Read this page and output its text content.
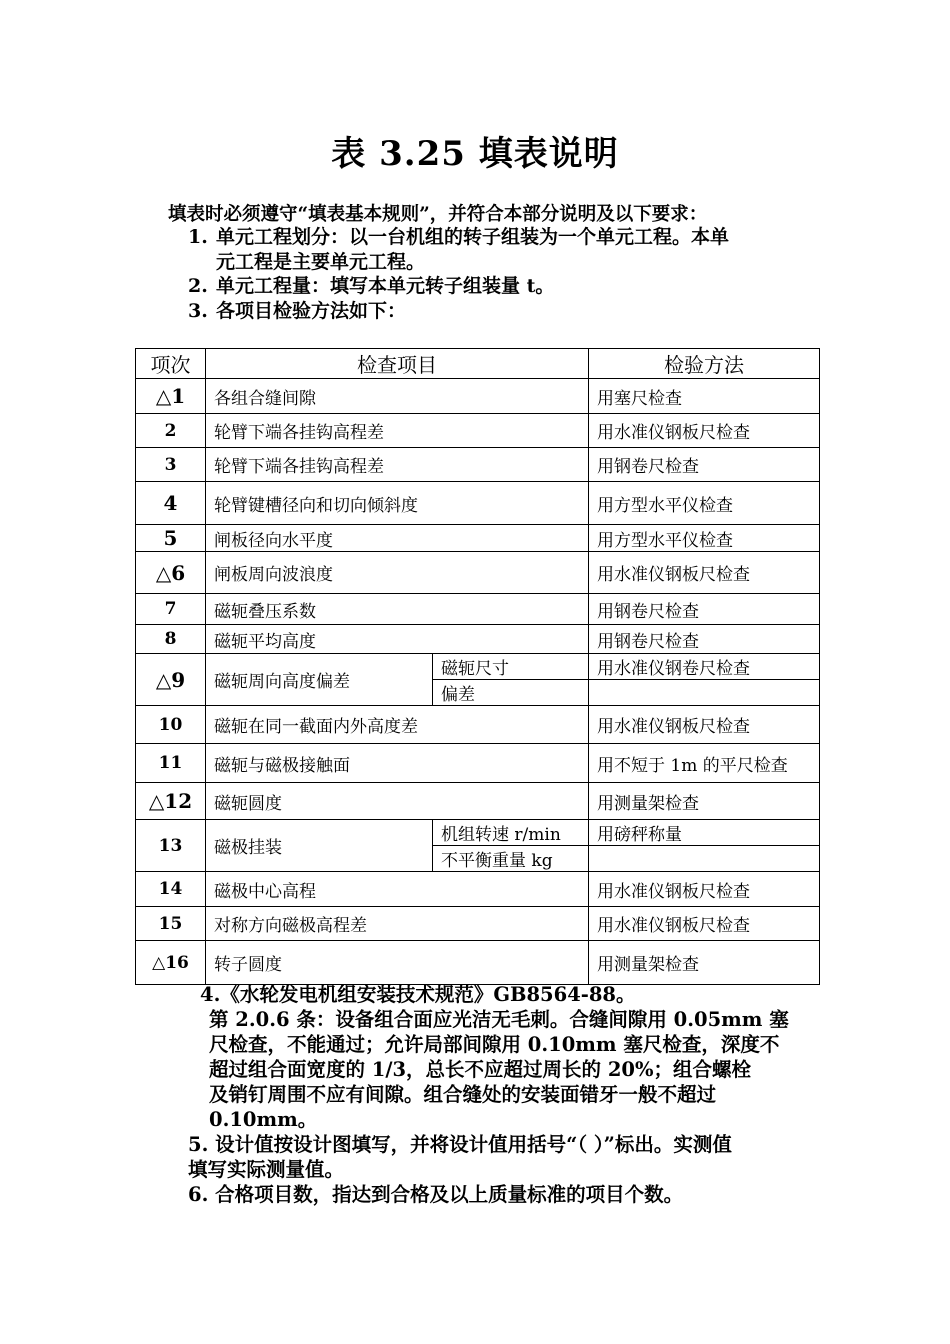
表 3.25 填表说明
填表时必须遵守“填表基本规则”，并符合本部分说明及以下要求：
1. 单元工程划分：以一台机组的转子组装为一个单元工程。本单
元工程是主要单元工程。
2. 单元工程量：填写本单元转子组装量 t。
3. 各项目检验方法如下：
项次	检查项目		检验方法
△1	各组合缝间隙		用塞尺检查
2	轮臂下端各挂钩高程差		用水准仪钢板尺检查
3	轮臂下端各挂钩高程差		用钢卷尺检查
4	轮臂键槽径向和切向倾斜度		用方型水平仪检查
5	闸板径向水平度		用方型水平仪检查
△6	闸板周向波浪度		用水准仪钢板尺检查
7	磁轭叠压系数		用钢卷尺检查
8	磁轭平均高度		用钢卷尺检查
△9	磁轭周向高度偏差	磁轭尺寸	用水准仪钢卷尺检查
		偏差	
10	磁轭在同一截面内外高度差		用水准仪钢板尺检查
11	磁轭与磁极接触面		用不短于 1m 的平尺检查
△12	磁轭圆度		用测量架检查
13	磁极挂装	机组转速 r/min	用磅秤称量
		不平衡重量 kg	
14	磁极中心高程		用水准仪钢板尺检查
15	对称方向磁极高程差		用水准仪钢板尺检查
△16	转子圆度		用测量架检查
4.《水轮发电机组安装技术规范》GB8564-88。
第 2.0.6 条：设备组合面应光洁无毛刺。合缝间隙用 0.05mm 塞
尺检查，不能通过；允许局部间隙用 0.10mm 塞尺检查，深度不
超过组合面宽度的 1/3，总长不应超过周长的 20%；组合螺栓
及销钉周围不应有间隙。组合缝处的安装面错牙一般不超过
0.10mm。
5. 设计值按设计图填写，并将设计值用括号“（ ）”标出。实测值
填写实际测量值。
6. 合格项目数，指达到合格及以上质量标准的项目个数。
